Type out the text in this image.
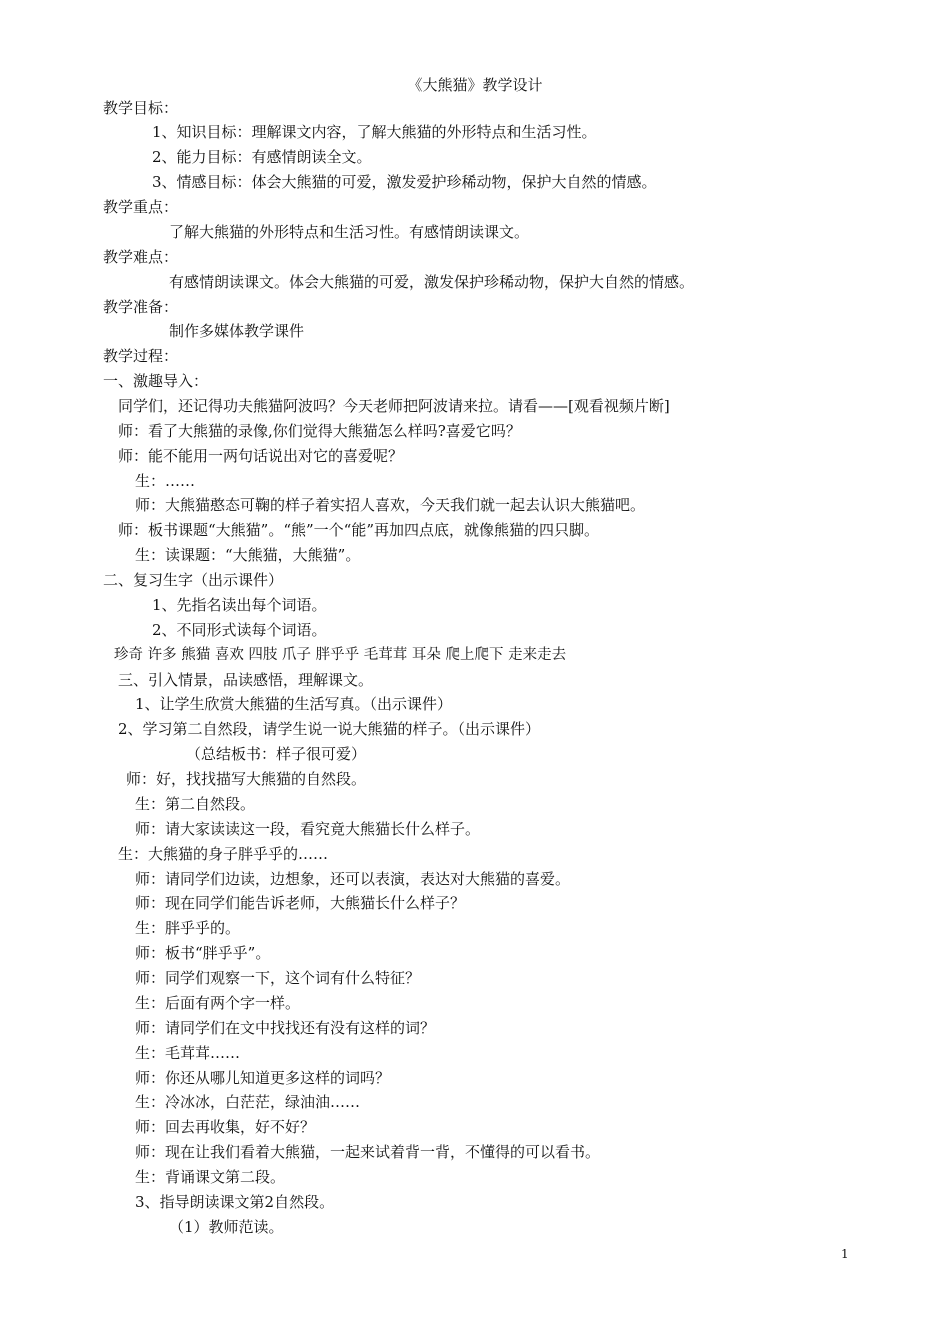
《大熊猫》教学设计
教学目标：
1、知识目标：理解课文内容，了解大熊猫的外形特点和生活习性。
2、能力目标：有感情朗读全文。
3、情感目标：体会大熊猫的可爱，激发爱护珍稀动物，保护大自然的情感。
教学重点：
了解大熊猫的外形特点和生活习性。有感情朗读课文。
教学难点：
有感情朗读课文。体会大熊猫的可爱，激发保护珍稀动物，保护大自然的情感。
教学准备：
制作多媒体教学课件
教学过程：
一、激趣导入：
同学们，还记得功夫熊猫阿波吗？今天老师把阿波请来拉。请看——[观看视频片断]
师：看了大熊猫的录像,你们觉得大熊猫怎么样吗?喜爱它吗？
师：能不能用一两句话说出对它的喜爱呢？
生：……
师：大熊猫憨态可鞠的样子着实招人喜欢，今天我们就一起去认识大熊猫吧。
师：板书课题“大熊猫”。“熊”一个“能”再加四点底，就像熊猫的四只脚。
生：读课题：“大熊猫，大熊猫”。
二、复习生字（出示课件）
1、先指名读出每个词语。
2、不同形式读每个词语。
珍奇 许多 熊猫 喜欢 四肢 爪子 胖乎乎 毛茸茸 耳朵 爬上爬下 走来走去
三、引入情景，品读感悟，理解课文。
1、让学生欣赏大熊猫的生活写真。（出示课件）
2、学习第二自然段，请学生说一说大熊猫的样子。（出示课件）
（总结板书：样子很可爱）
师：好，找找描写大熊猫的自然段。
生：第二自然段。
师：请大家读读这一段，看究竟大熊猫长什么样子。
生：大熊猫的身子胖乎乎的……
师：请同学们边读，边想象，还可以表演，表达对大熊猫的喜爱。
师：现在同学们能告诉老师，大熊猫长什么样子？
生：胖乎乎的。
师：板书“胖乎乎”。
师：同学们观察一下，这个词有什么特征？
生：后面有两个字一样。
师：请同学们在文中找找还有没有这样的词？
生：毛茸茸……
师：你还从哪儿知道更多这样的词吗？
生：冷冰冰，白茫茫，绿油油……
师：回去再收集，好不好？
师：现在让我们看着大熊猫，一起来试着背一背，不懂得的可以看书。
生：背诵课文第二段。
3、指导朗读课文第2自然段。
（1）教师范读。
1
